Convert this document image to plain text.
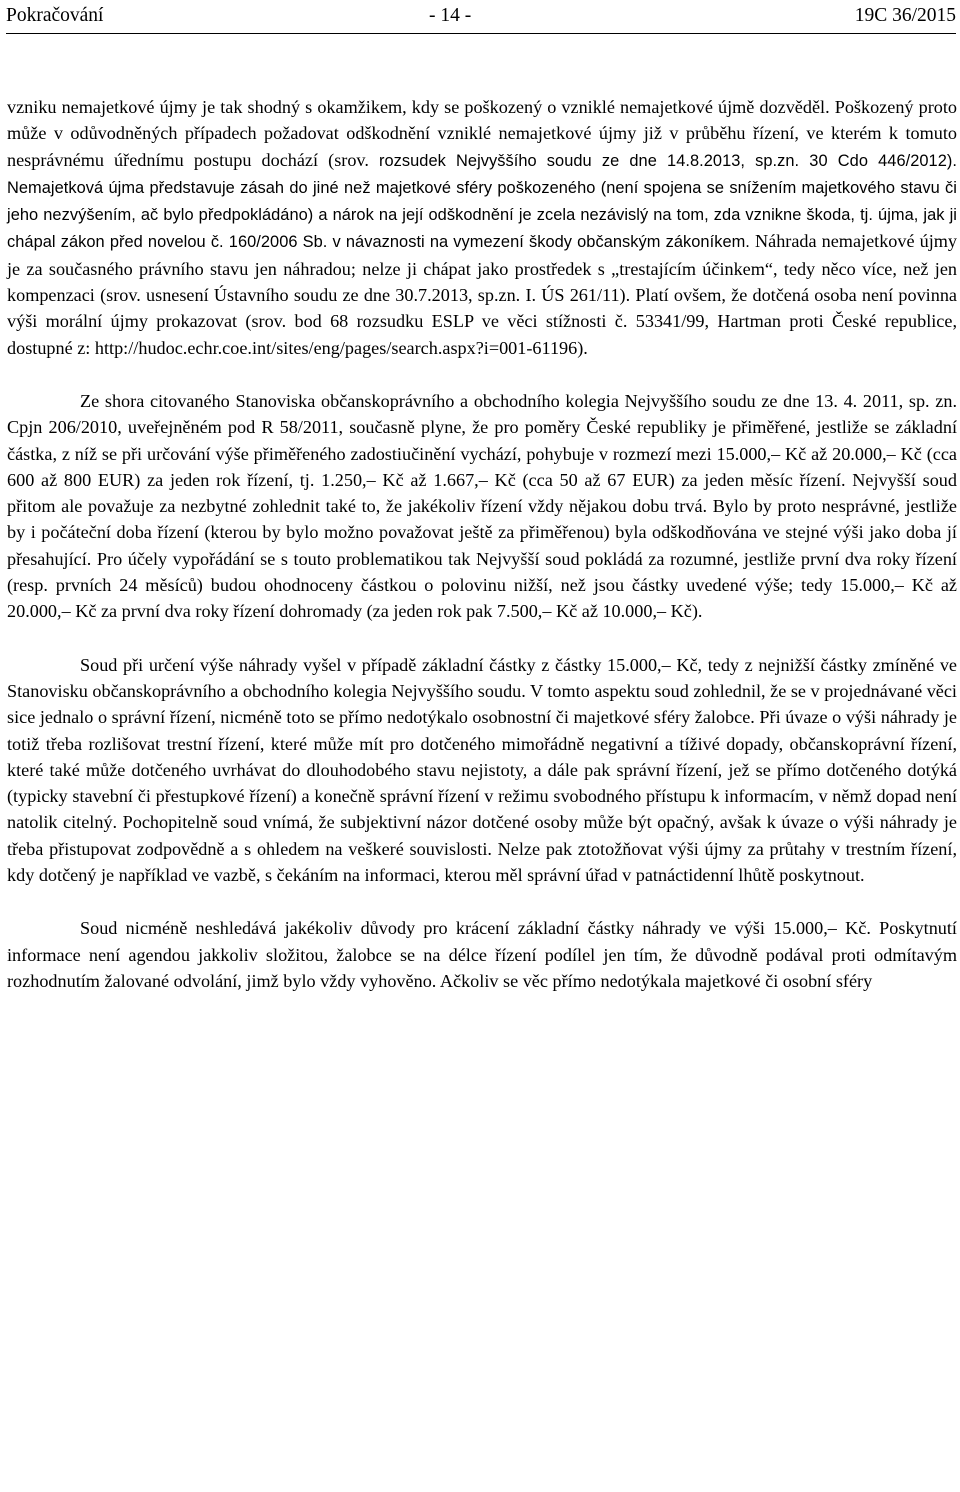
Pokračování	- 14 -	19C 36/2015

vzniku nemajetkové újmy je tak shodný s okamžikem, kdy se poškozený o vzniklé nemajetkové újmě dozvěděl. Poškozený proto může v odůvodněných případech požadovat odškodnění vzniklé nemajetkové újmy již v průběhu řízení, ve kterém k tomuto nesprávnému úřednímu postupu dochází (srov. rozsudek Nejvyššího soudu ze dne 14.8.2013, sp.zn. 30 Cdo 446/2012). Nemajetková újma představuje zásah do jiné než majetkové sféry poškozeného (není spojena se snížením majetkového stavu či jeho nezvýšením, ač bylo předpokládáno) a nárok na její odškodnění je zcela nezávislý na tom, zda vznikne škoda, tj. újma, jak ji chápal zákon před novelou č. 160/2006 Sb. v návaznosti na vymezení škody občanským zákoníkem. Náhrada nemajetkové újmy je za současného právního stavu jen náhradou; nelze ji chápat jako prostředek s „trestajícím účinkem“, tedy něco více, než jen kompenzaci (srov. usnesení Ústavního soudu ze dne 30.7.2013, sp.zn. I. ÚS 261/11). Platí ovšem, že dotčená osoba není povinna výši morální újmy prokazovat (srov. bod 68 rozsudku ESLP ve věci stížnosti č. 53341/99, Hartman proti České republice, dostupné z: http://hudoc.echr.coe.int/sites/eng/pages/search.aspx?i=001-61196).

Ze shora citovaného Stanoviska občanskoprávního a obchodního kolegia Nejvyššího soudu ze dne 13. 4. 2011, sp. zn. Cpjn 206/2010, uveřejněném pod R 58/2011, současně plyne, že pro poměry České republiky je přiměřené, jestliže se základní částka, z níž se při určování výše přiměřeného zadostiučinění vychází, pohybuje v rozmezí mezi 15.000,– Kč až 20.000,– Kč (cca 600 až 800 EUR) za jeden rok řízení, tj. 1.250,– Kč až 1.667,– Kč (cca 50 až 67 EUR) za jeden měsíc řízení. Nejvyšší soud přitom ale považuje za nezbytné zohlednit také to, že jakékoliv řízení vždy nějakou dobu trvá. Bylo by proto nesprávné, jestliže by i počáteční doba řízení (kterou by bylo možno považovat ještě za přiměřenou) byla odškodňována ve stejné výši jako doba jí přesahující. Pro účely vypořádání se s touto problematikou tak Nejvyšší soud pokládá za rozumné, jestliže první dva roky řízení (resp. prvních 24 měsíců) budou ohodnoceny částkou o polovinu nižší, než jsou částky uvedené výše; tedy 15.000,– Kč až 20.000,– Kč za první dva roky řízení dohromady (za jeden rok pak 7.500,– Kč až 10.000,– Kč).

Soud při určení výše náhrady vyšel v případě základní částky z částky 15.000,– Kč, tedy z nejnižší částky zmíněné ve Stanovisku občanskoprávního a obchodního kolegia Nejvyššího soudu. V tomto aspektu soud zohlednil, že se v projednávané věci sice jednalo o správní řízení, nicméně toto se přímo nedotýkalo osobnostní či majetkové sféry žalobce. Při úvaze o výši náhrady je totiž třeba rozlišovat trestní řízení, které může mít pro dotčeného mimořádně negativní a tíživé dopady, občanskoprávní řízení, které také může dotčeného uvrhávat do dlouhodobého stavu nejistoty, a dále pak správní řízení, jež se přímo dotčeného dotýká (typicky stavební či přestupkové řízení) a konečně správní řízení v režimu svobodného přístupu k informacím, v němž dopad není natolik citelný. Pochopitelně soud vnímá, že subjektivní názor dotčené osoby může být opačný, avšak k úvaze o výši náhrady je třeba přistupovat zodpovědně a s ohledem na veškeré souvislosti. Nelze pak ztotožňovat výši újmy za průtahy v trestním řízení, kdy dotčený je například ve vazbě, s čekáním na informaci, kterou měl správní úřad v patnáctidenní lhůtě poskytnout.

Soud nicméně neshledává jakékoliv důvody pro krácení základní částky náhrady ve výši 15.000,– Kč. Poskytnutí informace není agendou jakkoliv složitou, žalobce se na délce řízení podílel jen tím, že důvodně podával proti odmítavým rozhodnutím žalované odvolání, jimž bylo vždy vyhověno. Ačkoliv se věc přímo nedotýkala majetkové či osobní sféry
